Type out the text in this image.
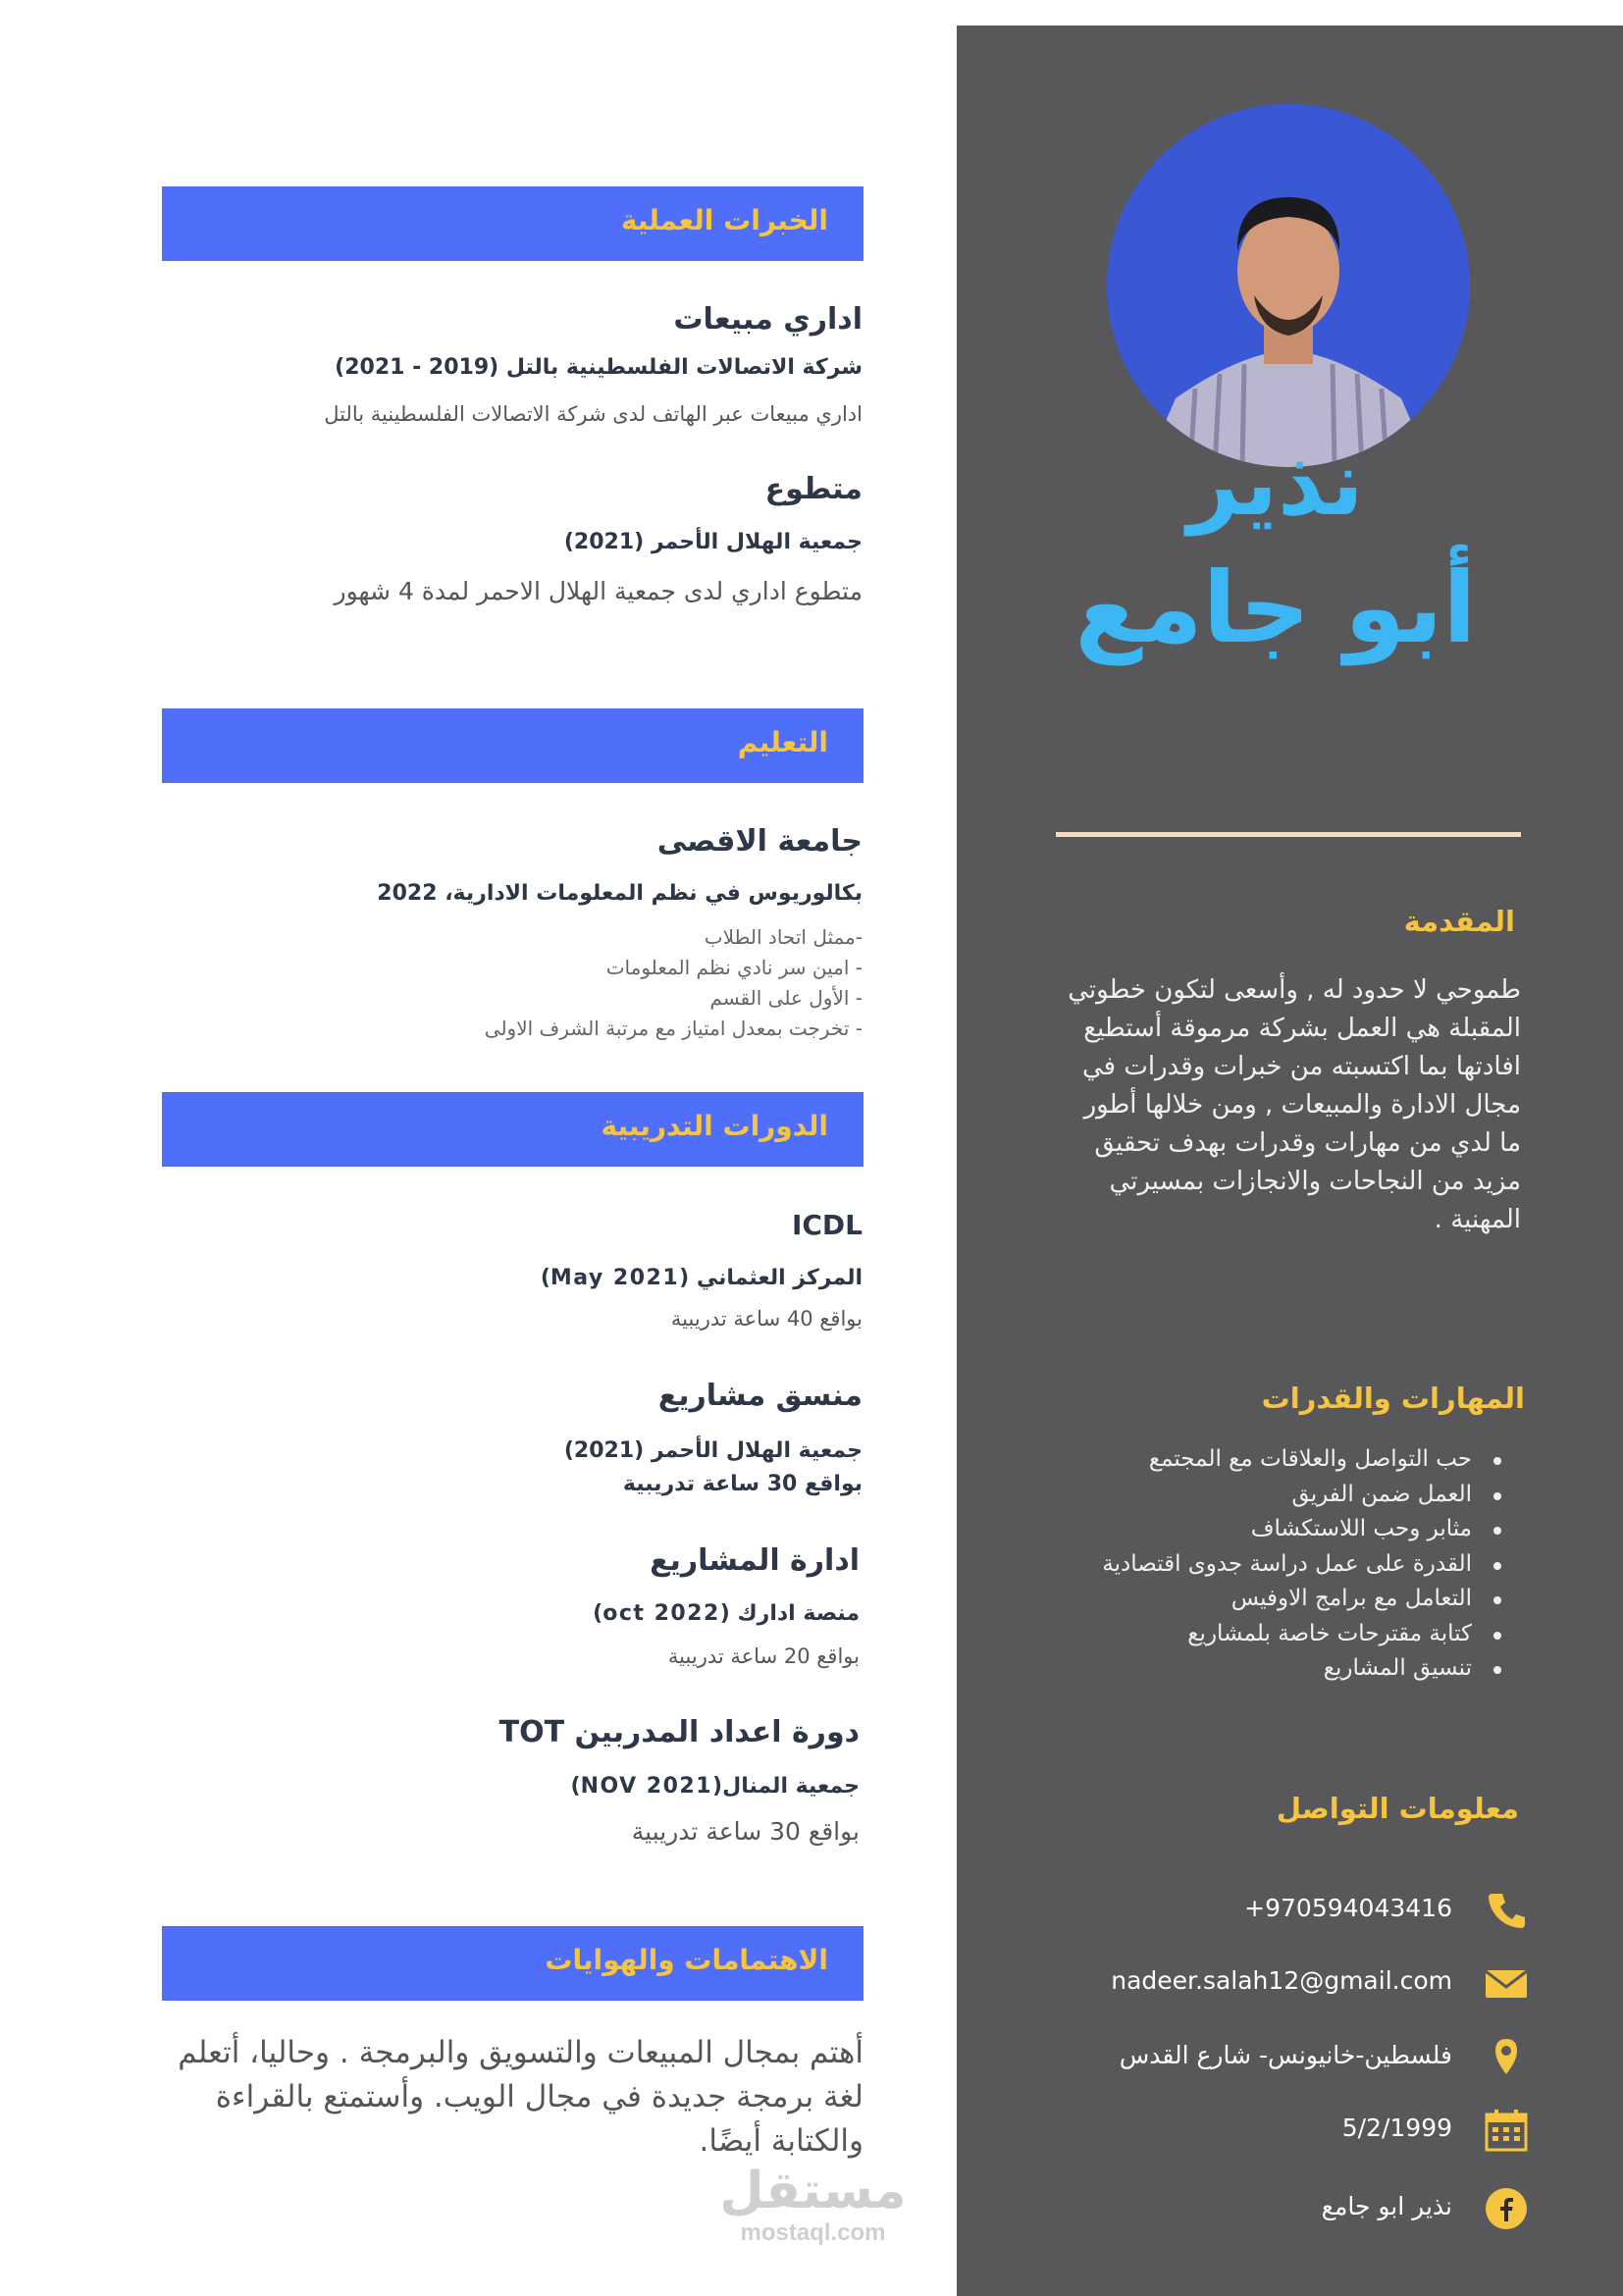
نذير
أبو جامع
المقدمة
طموحي لا حدود له , وأسعى لتكون خطوتي المقبلة هي العمل بشركة مرموقة أستطيع افادتها بما اكتسبته من خبرات وقدرات في مجال الادارة والمبيعات , ومن خلالها أطور ما لدي من مهارات وقدرات بهدف تحقيق مزيد من النجاحات والانجازات بمسيرتي المهنية .
المهارات والقدرات
حب التواصل والعلاقات مع المجتمع
العمل ضمن الفريق
مثابر وحب اللاستكشاف
القدرة على عمل دراسة جدوى اقتصادية
التعامل مع برامج الاوفيس
كتابة مقترحات خاصة بلمشاريع
تنسيق المشاريع
معلومات التواصل
970594043416+
nadeer.salah12@gmail.com
فلسطين-خانيونس- شارع القدس
5/2/1999
نذير ابو جامع
الخبرات العملية
اداري مبيعات
شركة الاتصالات الفلسطينية بالتل (2019 - 2021)
اداري مبيعات عبر الهاتف لدى شركة الاتصالات الفلسطينية بالتل
متطوع
جمعية الهلال الأحمر (2021)
متطوع اداري لدى جمعية الهلال الاحمر لمدة 4 شهور
التعليم
جامعة الاقصى
بكالوريوس في نظم المعلومات الادارية، 2022
-ممثل اتحاد الطلاب
- امين سر نادي نظم المعلومات
- الأول على القسم
- تخرجت بمعدل امتياز مع مرتبة الشرف الاولى
الدورات التدريبية
ICDL
المركز العثماني (May 2021)
بواقع 40 ساعة تدريبية
منسق مشاريع
جمعية الهلال الأحمر (2021)
بواقع 30 ساعة تدريبية
ادارة المشاريع
منصة ادارك (oct 2022)
بواقع 20 ساعة تدريبية
دورة اعداد المدربين TOT
جمعية المنال(NOV 2021)
بواقع 30 ساعة تدريبية
الاهتمامات والهوايات
أهتم بمجال المبيعات والتسويق والبرمجة . وحاليا، أتعلم لغة برمجة جديدة في مجال الويب. وأستمتع بالقراءة والكتابة أيضًا.
مستقل
mostaql.com
